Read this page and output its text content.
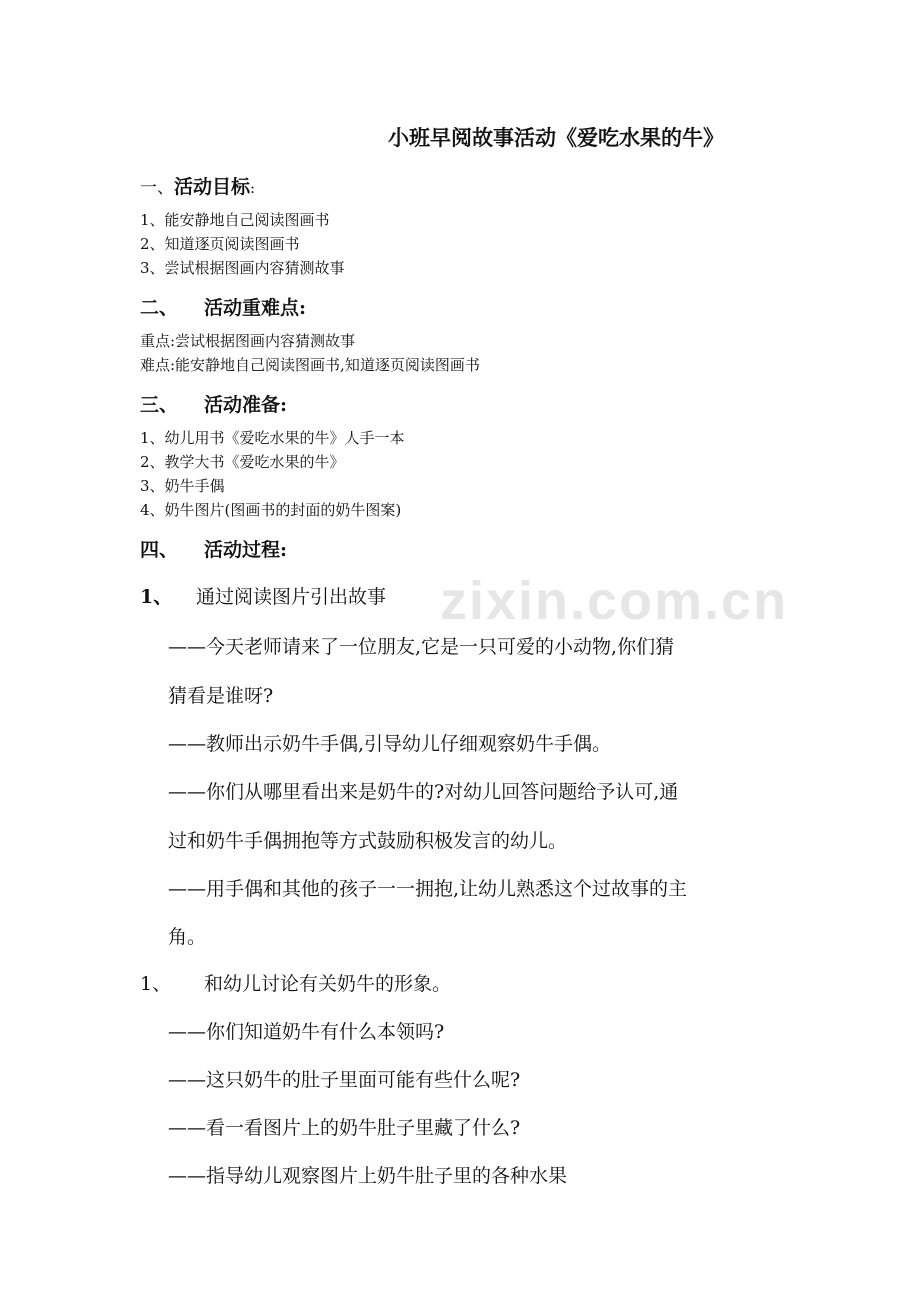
zixin.com.cn
小班早阅故事活动《爱吃水果的牛》
一、活动目标:
1、能安静地自己阅读图画书
2、知道逐页阅读图画书
3、尝试根据图画内容猜测故事
二、 活动重难点:
重点:尝试根据图画内容猜测故事
难点:能安静地自己阅读图画书,知道逐页阅读图画书
三、 活动准备:
1、幼儿用书《爱吃水果的牛》人手一本
2、教学大书《爱吃水果的牛》
3、奶牛手偶
4、奶牛图片(图画书的封面的奶牛图案)
四、 活动过程:
1、 通过阅读图片引出故事
——今天老师请来了一位朋友,它是一只可爱的小动物,你们猜
猜看是谁呀?
——教师出示奶牛手偶,引导幼儿仔细观察奶牛手偶。
——你们从哪里看出来是奶牛的?对幼儿回答问题给予认可,通
过和奶牛手偶拥抱等方式鼓励积极发言的幼儿。
——用手偶和其他的孩子一一拥抱,让幼儿熟悉这个过故事的主
角。
1、 和幼儿讨论有关奶牛的形象。
——你们知道奶牛有什么本领吗?
——这只奶牛的肚子里面可能有些什么呢?
——看一看图片上的奶牛肚子里藏了什么?
——指导幼儿观察图片上奶牛肚子里的各种水果
